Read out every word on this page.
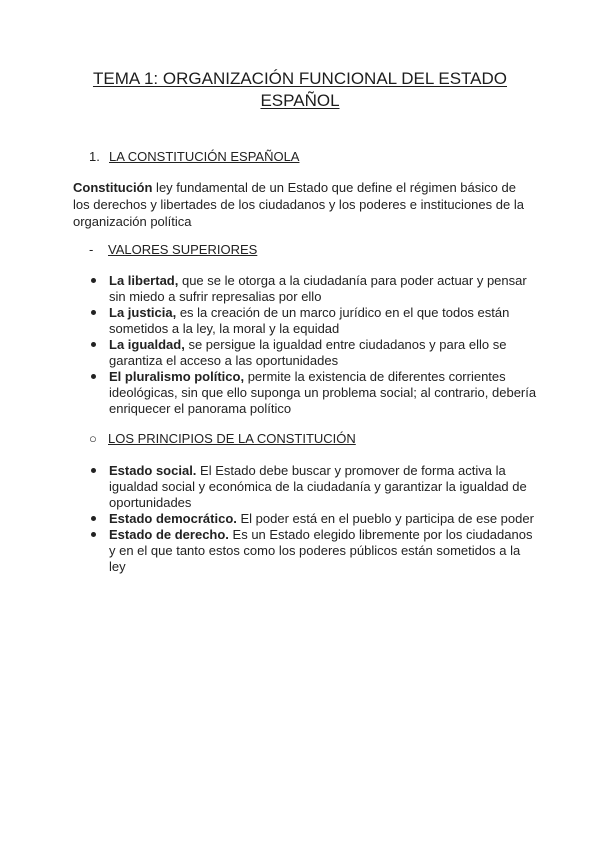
TEMA 1: ORGANIZACIÓN FUNCIONAL DEL ESTADO ESPAÑOL
1. LA CONSTITUCIÓN ESPAÑOLA
Constitución ley fundamental de un Estado que define el régimen básico de los derechos y libertades de los ciudadanos y los poderes e instituciones de la organización política
- VALORES SUPERIORES
La libertad, que se le otorga a la ciudadanía para poder actuar y pensar sin miedo a sufrir represalias por ello
La justicia, es la creación de un marco jurídico en el que todos están sometidos a la ley, la moral y la equidad
La igualdad, se persigue la igualdad entre ciudadanos y para ello se garantiza el acceso a las oportunidades
El pluralismo político, permite la existencia de diferentes corrientes ideológicas, sin que ello suponga un problema social; al contrario, debería enriquecer el panorama político
○ LOS PRINCIPIOS DE LA CONSTITUCIÓN
Estado social. El Estado debe buscar y promover de forma activa la igualdad social y económica de la ciudadanía y garantizar la igualdad de oportunidades
Estado democrático. El poder está en el pueblo y participa de ese poder
Estado de derecho. Es un Estado elegido libremente por los ciudadanos y en el que tanto estos como los poderes públicos están sometidos a la ley
